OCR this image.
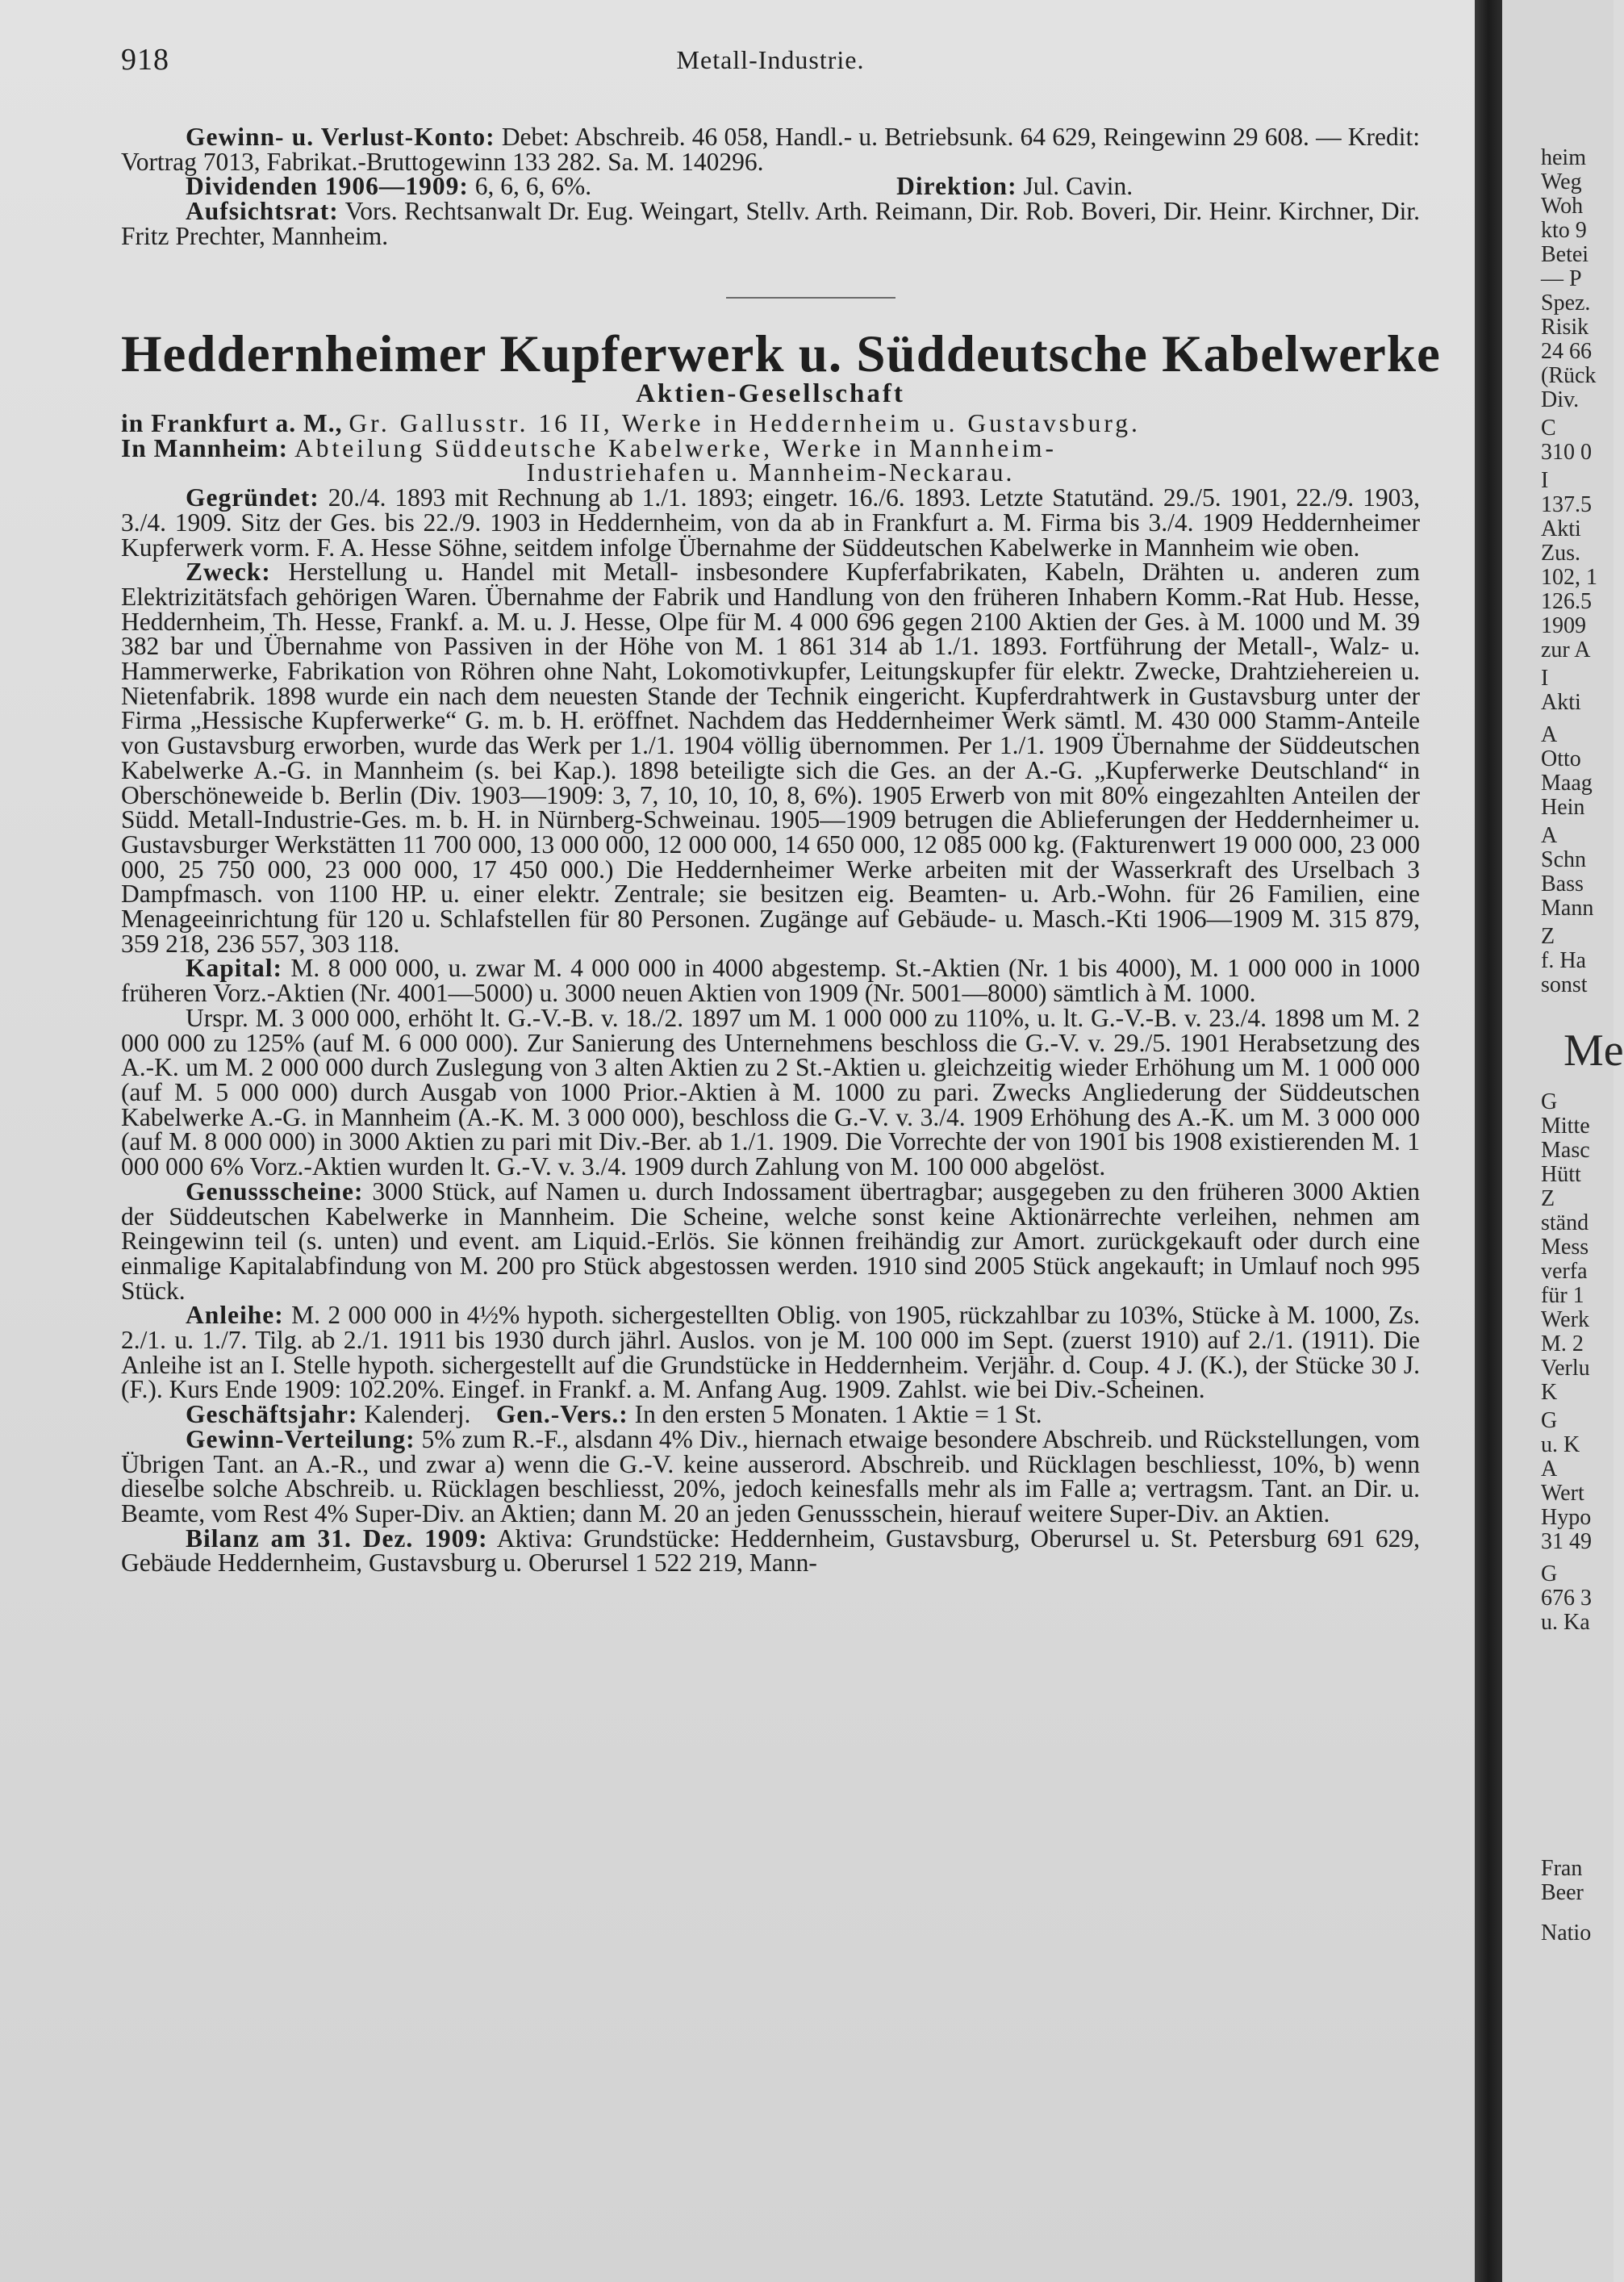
918	Metall-Industrie.

Gewinn- u. Verlust-Konto: Debet: Abschreib. 46 058, Handl.- u. Betriebsunk. 64 629, Reingewinn 29 608. — Kredit: Vortrag 7013, Fabrikat.-Bruttogewinn 133 282. Sa. M. 140296.

Dividenden 1906—1909: 6, 6, 6, 6%.            	Direktion: Jul. Cavin.

Aufsichtsrat: Vors. Rechtsanwalt Dr. Eug. Weingart, Stellv. Arth. Reimann, Dir. Rob. Boveri, Dir. Heinr. Kirchner, Dir. Fritz Prechter, Mannheim.

Heddernheimer Kupferwerk u. Süddeutsche Kabelwerke
Aktien-Gesellschaft

in Frankfurt a. M., Gr. Gallusstr. 16 II, Werke in Heddernheim u. Gustavsburg.

In Mannheim: Abteilung Süddeutsche Kabelwerke, Werke in Mannheim-
Industriehafen u. Mannheim-Neckarau.

Gegründet: 20./4. 1893 mit Rechnung ab 1./1. 1893; eingetr. 16./6. 1893. Letzte Statutänd. 29./5. 1901, 22./9. 1903, 3./4. 1909. Sitz der Ges. bis 22./9. 1903 in Heddernheim, von da ab in Frankfurt a. M. Firma bis 3./4. 1909 Heddernheimer Kupferwerk vorm. F. A. Hesse Söhne, seitdem infolge Übernahme der Süddeutschen Kabelwerke in Mannheim wie oben.

Zweck: Herstellung u. Handel mit Metall- insbesondere Kupferfabrikaten, Kabeln, Drähten u. anderen zum Elektrizitätsfach gehörigen Waren. Übernahme der Fabrik und Handlung von den früheren Inhabern Komm.-Rat Hub. Hesse, Heddernheim, Th. Hesse, Frankf. a. M. u. J. Hesse, Olpe für M. 4 000 696 gegen 2100 Aktien der Ges. à M. 1000 und M. 39 382 bar und Übernahme von Passiven in der Höhe von M. 1 861 314 ab 1./1. 1893. Fortführung der Metall-, Walz- u. Hammerwerke, Fabrikation von Röhren ohne Naht, Lokomotivkupfer, Leitungskupfer für elektr. Zwecke, Drahtziehereien u. Nietenfabrik. 1898 wurde ein nach dem neuesten Stande der Technik eingericht. Kupferdrahtwerk in Gustavsburg unter der Firma „Hessische Kupferwerke“ G. m. b. H. eröffnet. Nachdem das Heddernheimer Werk sämtl. M. 430 000 Stamm-Anteile von Gustavsburg erworben, wurde das Werk per 1./1. 1904 völlig übernommen. Per 1./1. 1909 Übernahme der Süddeutschen Kabelwerke A.-G. in Mannheim (s. bei Kap.). 1898 beteiligte sich die Ges. an der A.-G. „Kupferwerke Deutschland“ in Oberschöneweide b. Berlin (Div. 1903—1909: 3, 7, 10, 10, 10, 8, 6%). 1905 Erwerb von mit 80% eingezahlten Anteilen der Südd. Metall-Industrie-Ges. m. b. H. in Nürnberg-Schweinau. 1905—1909 betrugen die Ablieferungen der Heddernheimer u. Gustavsburger Werkstätten 11 700 000, 13 000 000, 12 000 000, 14 650 000, 12 085 000 kg. (Fakturenwert 19 000 000, 23 000 000, 25 750 000, 23 000 000, 17 450 000.) Die Heddernheimer Werke arbeiten mit der Wasserkraft des Urselbach 3 Dampfmasch. von 1100 HP. u. einer elektr. Zentrale; sie besitzen eig. Beamten- u. Arb.-Wohn. für 26 Familien, eine Menageeinrichtung für 120 u. Schlafstellen für 80 Personen. Zugänge auf Gebäude- u. Masch.-Kti 1906—1909 M. 315 879, 359 218, 236 557, 303 118.

Kapital: M. 8 000 000, u. zwar M. 4 000 000 in 4000 abgestemp. St.-Aktien (Nr. 1 bis 4000), M. 1 000 000 in 1000 früheren Vorz.-Aktien (Nr. 4001—5000) u. 3000 neuen Aktien von 1909 (Nr. 5001—8000) sämtlich à M. 1000.

Urspr. M. 3 000 000, erhöht lt. G.-V.-B. v. 18./2. 1897 um M. 1 000 000 zu 110%, u. lt. G.-V.-B. v. 23./4. 1898 um M. 2 000 000 zu 125% (auf M. 6 000 000). Zur Sanierung des Unternehmens beschloss die G.-V. v. 29./5. 1901 Herabsetzung des A.-K. um M. 2 000 000 durch Zuslegung von 3 alten Aktien zu 2 St.-Aktien u. gleichzeitig wieder Erhöhung um M. 1 000 000 (auf M. 5 000 000) durch Ausgab von 1000 Prior.-Aktien à M. 1000 zu pari. Zwecks Angliederung der Süddeutschen Kabelwerke A.-G. in Mannheim (A.-K. M. 3 000 000), beschloss die G.-V. v. 3./4. 1909 Erhöhung des A.-K. um M. 3 000 000 (auf M. 8 000 000) in 3000 Aktien zu pari mit Div.-Ber. ab 1./1. 1909. Die Vorrechte der von 1901 bis 1908 existierenden M. 1 000 000 6% Vorz.-Aktien wurden lt. G.-V. v. 3./4. 1909 durch Zahlung von M. 100 000 abgelöst.

Genussscheine: 3000 Stück, auf Namen u. durch Indossament übertragbar; ausgegeben zu den früheren 3000 Aktien der Süddeutschen Kabelwerke in Mannheim. Die Scheine, welche sonst keine Aktionärrechte verleihen, nehmen am Reingewinn teil (s. unten) und event. am Liquid.-Erlös. Sie können freihändig zur Amort. zurückgekauft oder durch eine einmalige Kapitalabfindung von M. 200 pro Stück abgestossen werden. 1910 sind 2005 Stück angekauft; in Umlauf noch 995 Stück.

Anleihe: M. 2 000 000 in 4½% hypoth. sichergestellten Oblig. von 1905, rückzahlbar zu 103%, Stücke à M. 1000, Zs. 2./1. u. 1./7. Tilg. ab 2./1. 1911 bis 1930 durch jährl. Auslos. von je M. 100 000 im Sept. (zuerst 1910) auf 2./1. (1911). Die Anleihe ist an I. Stelle hypoth. sichergestellt auf die Grundstücke in Heddernheim. Verjähr. d. Coup. 4 J. (K.), der Stücke 30 J. (F.). Kurs Ende 1909: 102.20%. Eingef. in Frankf. a. M. Anfang Aug. 1909. Zahlst. wie bei Div.-Scheinen.

Geschäftsjahr: Kalenderj.  Gen.-Vers.: In den ersten 5 Monaten. 1 Aktie = 1 St.

Gewinn-Verteilung: 5% zum R.-F., alsdann 4% Div., hiernach etwaige besondere Abschreib. und Rückstellungen, vom Übrigen Tant. an A.-R., und zwar a) wenn die G.-V. keine ausserord. Abschreib. und Rücklagen beschliesst, 10%, b) wenn dieselbe solche Abschreib. u. Rücklagen beschliesst, 20%, jedoch keinesfalls mehr als im Falle a; vertragsm. Tant. an Dir. u. Beamte, vom Rest 4% Super-Div. an Aktien; dann M. 20 an jeden Genussschein, hierauf weitere Super-Div. an Aktien.

Bilanz am 31. Dez. 1909: Aktiva: Grundstücke: Heddernheim, Gustavsburg, Oberursel u. St. Petersburg 691 629, Gebäude Heddernheim, Gustavsburg u. Oberursel 1 522 219, Mann-

heim
Weg
Woh
kto 9
Betei
— P
Spez.
Risik
24 66
(Rück
Div.
C
310 0
I
137.5
Akti
Zus.
102, 1
126.5
1909
zur A
I
Akti
A
Otto
Maag
Hein
A
Schn
Bass
Mann
Z
f. Ha
sonst
Me
G
Mitte
Masc
Hütt
Z
ständ
Mess
verfa
für 1
Werk
M. 2
Verlu
K
G
u. K
A
Wert
Hypo
31 49
G
676 3
u. Ka
Fran
Beer
Natio
